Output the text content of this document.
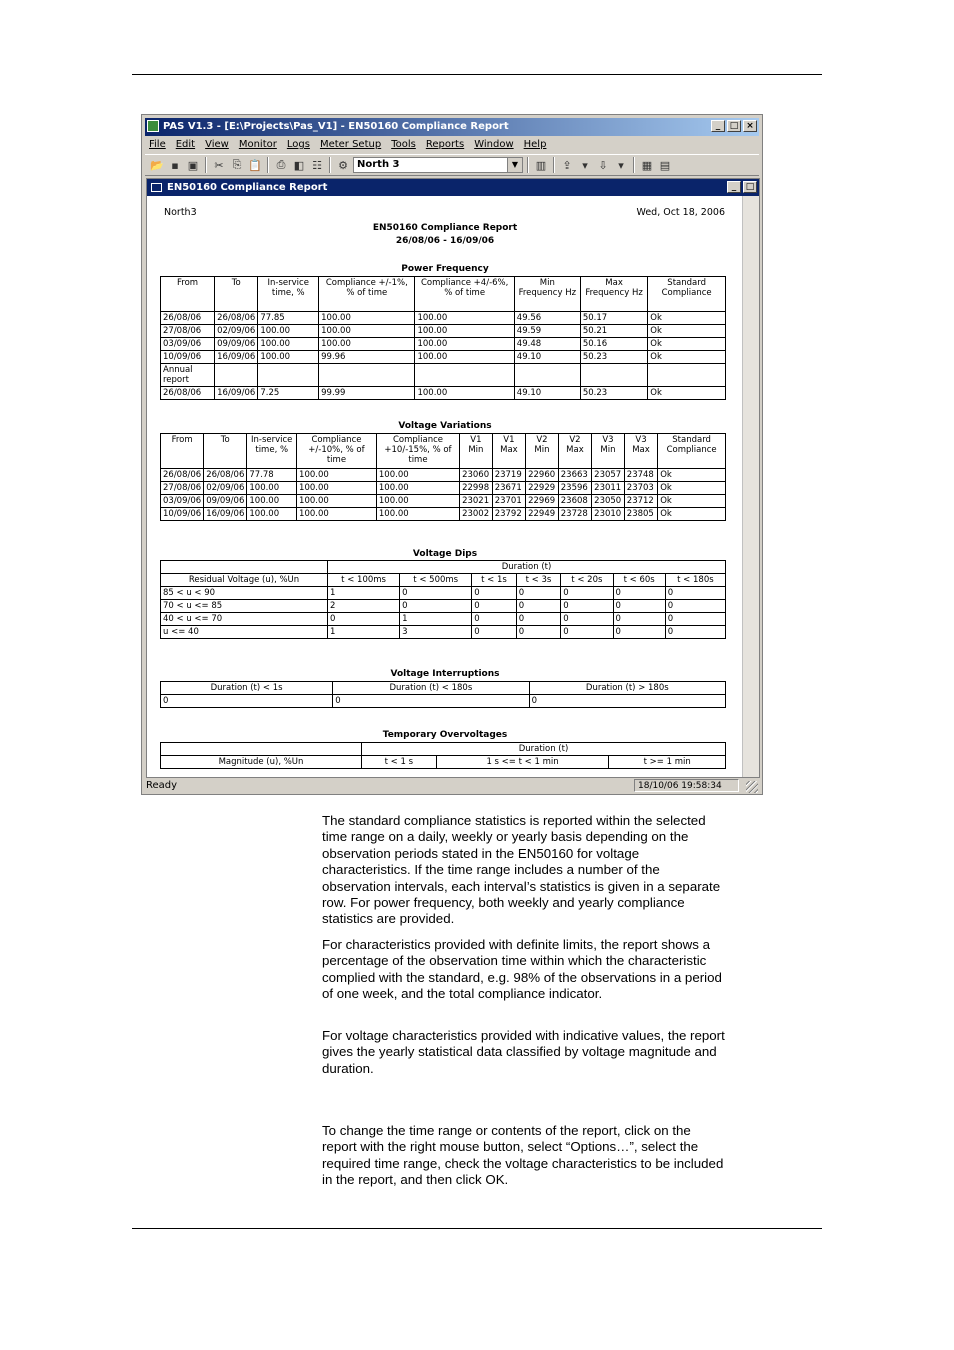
PAS V1.3 - [E:\Projects\Pas_V1] - EN50160 Compliance Report	_	□ ×
File Edit View Monitor Logs Meter Setup Tools Reports Window Help
📂 ▪ ▣	✂ ⎘ 📋	⎙ ◧ ☷ ⚙ North 3	▼	▥	⇪ ▾ ⇩ ▾	▦ ▤
EN50160 Compliance Report	_	□
North3	Wed, Oct 18, 2006
EN50160 Compliance Report
26/08/06 - 16/09/06
Power Frequency
From	To	In-service time, %	Compliance +/-1%, % of time	Compliance +4/-6%, % of time	Min Frequency Hz	Max Frequency Hz	Standard Compliance
26/08/06	26/08/06	77.85	100.00	100.00	49.56	50.17	Ok
27/08/06	02/09/06	100.00	100.00	100.00	49.59	50.21	Ok
03/09/06	09/09/06	100.00	100.00	100.00	49.48	50.16	Ok
10/09/06	16/09/06	100.00	99.96	100.00	49.10	50.23	Ok
Annual report							
26/08/06	16/09/06	7.25	99.99	100.00	49.10	50.23	Ok
Voltage Variations
From	To	In-service time, %	Compliance +/-10%, % of time	Compliance +10/-15%, % of time	V1 Min	V1 Max	V2 Min	V2 Max	V3 Min	V3 Max	Standard Compliance
26/08/06	26/08/06	77.78	100.00	100.00	23060	23719	22960	23663	23057	23748	Ok
27/08/06	02/09/06	100.00	100.00	100.00	22998	23671	22929	23596	23011	23703	Ok
03/09/06	09/09/06	100.00	100.00	100.00	23021	23701	22969	23608	23050	23712	Ok
10/09/06	16/09/06	100.00	100.00	100.00	23002	23792	22949	23728	23010	23805	Ok
Voltage Dips
	Duration (t)						
Residual Voltage (u), %Un	t < 100ms	t < 500ms	t < 1s	t < 3s	t < 20s	t < 60s	t < 180s
85 < u < 90	1	0	0	0	0	0	0
70 < u <= 85	2	0	0	0	0	0	0
40 < u <= 70	0	1	0	0	0	0	0
u <= 40	1	3	0	0	0	0	0
Voltage Interruptions
Duration (t) < 1s	Duration (t) < 180s	Duration (t) > 180s
0	0	0
Temporary Overvoltages
	Duration (t)		
Magnitude (u), %Un	t < 1 s	1 s <= t < 1 min	t >= 1 min
Ready	18/10/06 19:58:34

The standard compliance statistics is reported within the selected time range on a daily, weekly or yearly basis depending on the observation periods stated in the EN50160 for voltage characteristics. If the time range includes a number of the observation intervals, each interval’s statistics is given in a separate row. For power frequency, both weekly and yearly compliance statistics are provided.

For characteristics provided with definite limits, the report shows a percentage of the observation time within which the characteristic complied with the standard, e.g. 98% of the observations in a period of one week, and the total compliance indicator.

For voltage characteristics provided with indicative values, the report gives the yearly statistical data classified by voltage magnitude and duration.

To change the time range or contents of the report, click on the report with the right mouse button, select “Options…”, select the required time range, check the voltage characteristics to be included in the report, and then click OK.
